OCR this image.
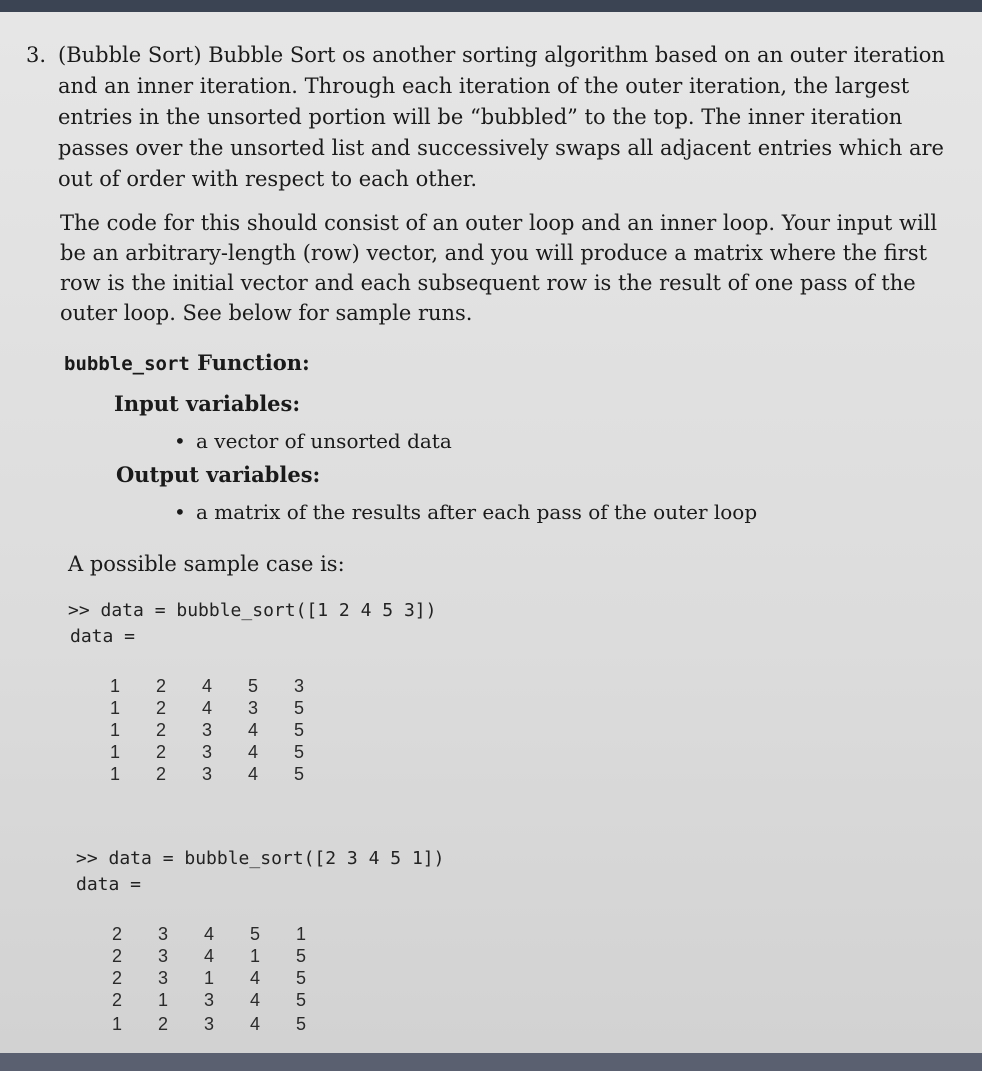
3. (Bubble Sort) Bubble Sort os another sorting algorithm based on an outer iteration and an inner iteration. Through each iteration of the outer iteration, the largest entries in the unsorted portion will be “bubbled” to the top. The inner iteration passes over the unsorted list and successively swaps all adjacent entries which are out of order with respect to each other.
The code for this should consist of an outer loop and an inner loop. Your input will be an arbitrary-length (row) vector, and you will produce a matrix where the first row is the initial vector and each subsequent row is the result of one pass of the outer loop. See below for sample runs.
bubble_sort Function:
Input variables:
• a vector of unsorted data
Output variables:
• a matrix of the results after each pass of the outer loop
A possible sample case is:
>> data = bubble_sort([1 2 4 5 3])
data =
1	2	4	5	3
1	2	4	3	5
1	2	3	4	5
1	2	3	4	5
1	2	3	4	5
>> data = bubble_sort([2 3 4 5 1])
data =
2	3	4	5	1
2	3	4	1	5
2	3	1	4	5
2	1	3	4	5
1	2	3	4	5
